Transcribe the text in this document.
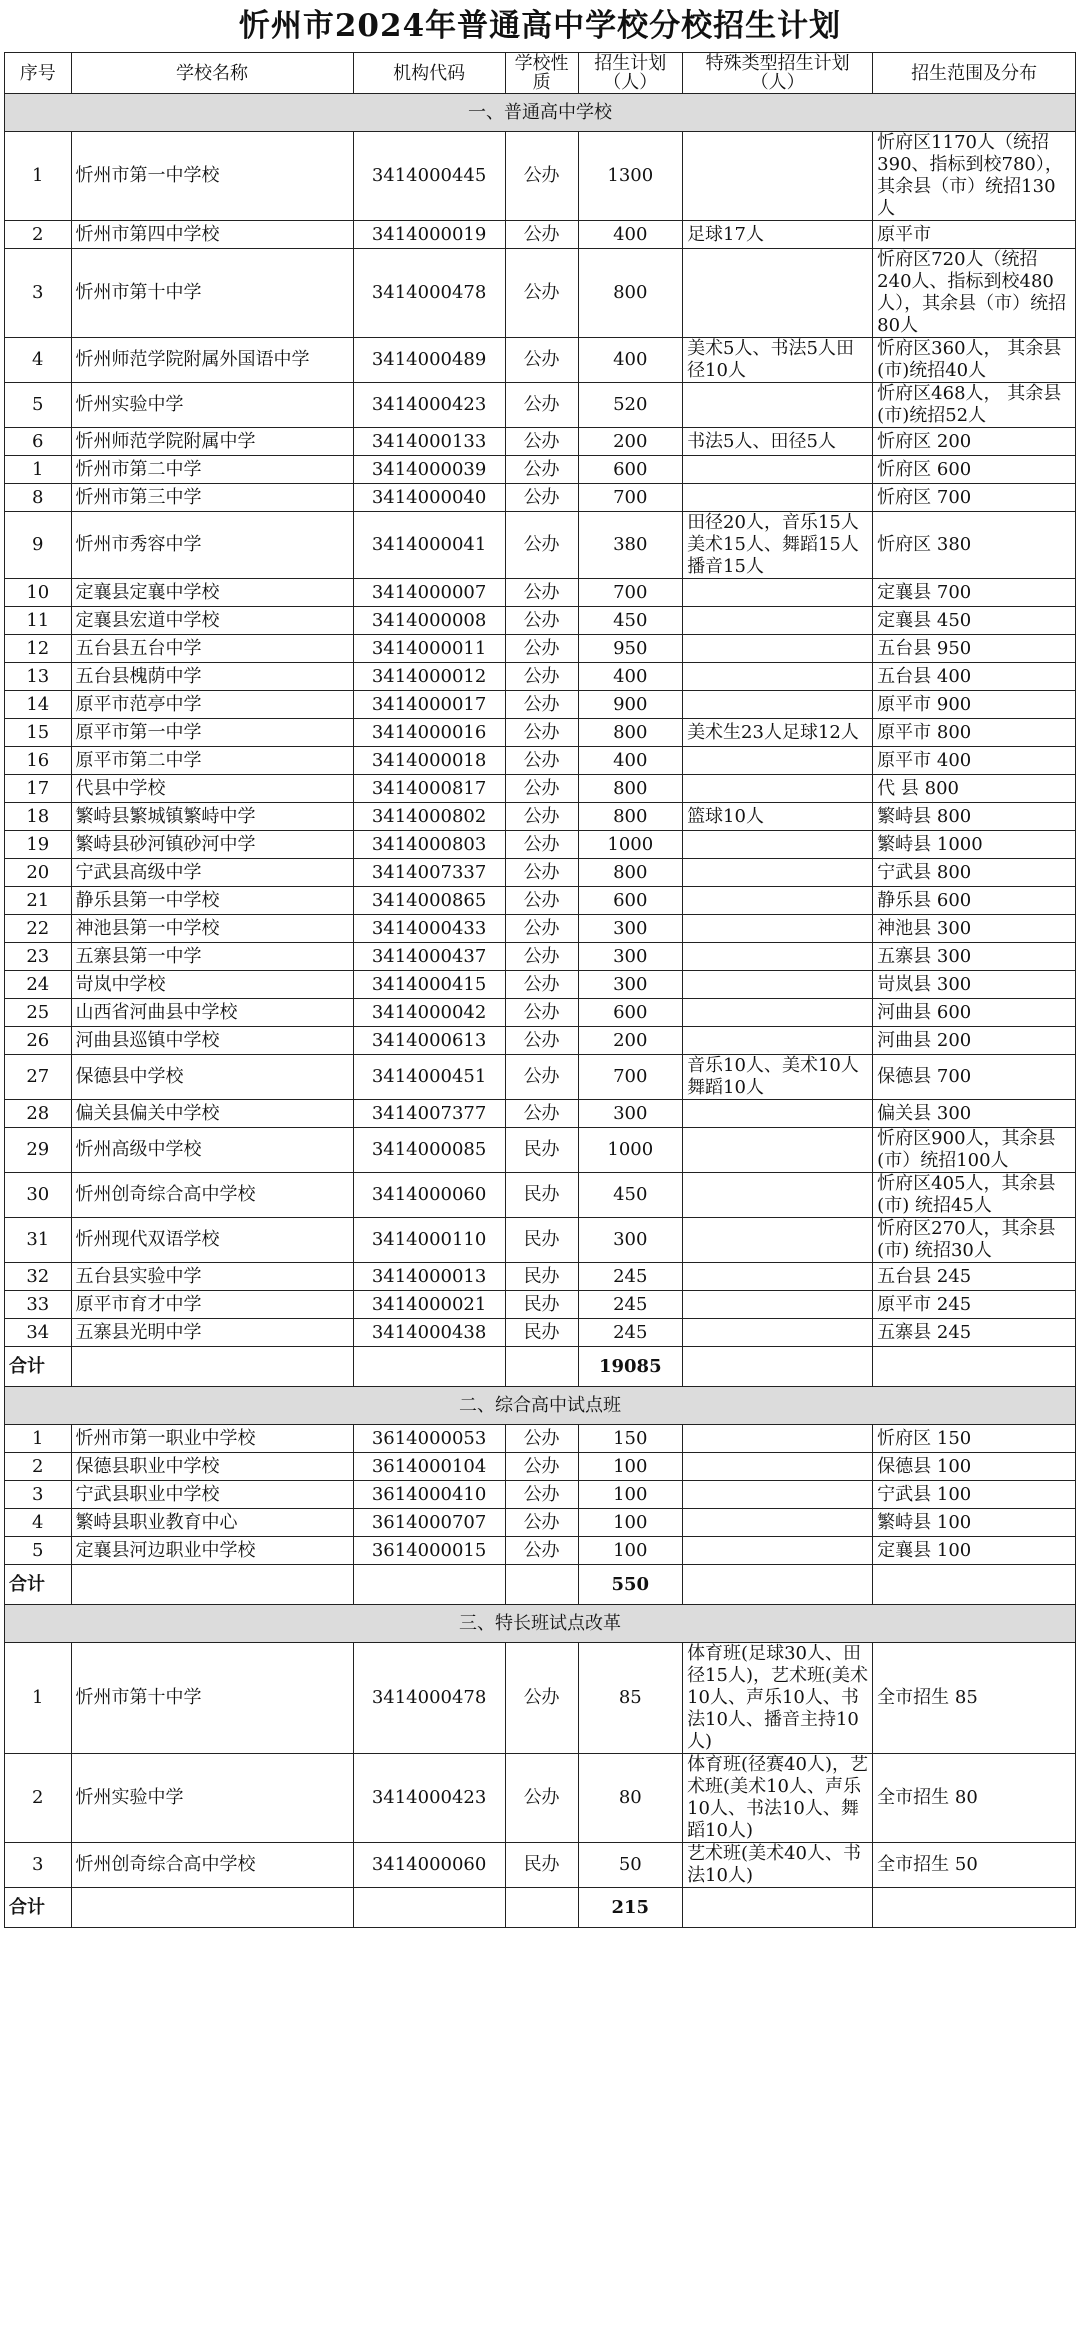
忻州市2024年普通高中学校分校招生计划
序号	学校名称	机构代码	学校性质	招生计划（人）	特殊类型招生计划（人）	招生范围及分布
一、普通高中学校						
1	忻州市第一中学校	3414000445	公办	1300		忻府区1170人（统招390、指标到校780），其余县（市）统招130人
2	忻州市第四中学校	3414000019	公办	400	足球17人	原平市
3	忻州市第十中学	3414000478	公办	800		忻府区720人（统招240人、指标到校480人），其余县（市）统招80人
4	忻州师范学院附属外国语中学	3414000489	公办	400	美术5人、书法5人田径10人	忻府区360人， 其余县(市)统招40人
5	忻州实验中学	3414000423	公办	520		忻府区468人， 其余县(市)统招52人
6	忻州师范学院附属中学	3414000133	公办	200	书法5人、田径5人	忻府区 200
1	忻州市第二中学	3414000039	公办	600		忻府区 600
8	忻州市第三中学	3414000040	公办	700		忻府区 700
9	忻州市秀容中学	3414000041	公办	380	田径20人，音乐15人美术15人、舞蹈15人播音15人	忻府区 380
10	定襄县定襄中学校	3414000007	公办	700		定襄县 700
11	定襄县宏道中学校	3414000008	公办	450		定襄县 450
12	五台县五台中学	3414000011	公办	950		五台县 950
13	五台县槐荫中学	3414000012	公办	400		五台县 400
14	原平市范亭中学	3414000017	公办	900		原平市 900
15	原平市第一中学	3414000016	公办	800	美术生23人足球12人	原平市 800
16	原平市第二中学	3414000018	公办	400		原平市 400
17	代县中学校	3414000817	公办	800		代 县 800
18	繁峙县繁城镇繁峙中学	3414000802	公办	800	篮球10人	繁峙县 800
19	繁峙县砂河镇砂河中学	3414000803	公办	1000		繁峙县 1000
20	宁武县高级中学	3414007337	公办	800		宁武县 800
21	静乐县第一中学校	3414000865	公办	600		静乐县 600
22	神池县第一中学校	3414000433	公办	300		神池县 300
23	五寨县第一中学	3414000437	公办	300		五寨县 300
24	岢岚中学校	3414000415	公办	300		岢岚县 300
25	山西省河曲县中学校	3414000042	公办	600		河曲县 600
26	河曲县巡镇中学校	3414000613	公办	200		河曲县 200
27	保德县中学校	3414000451	公办	700	音乐10人、美术10人舞蹈10人	保德县 700
28	偏关县偏关中学校	3414007377	公办	300		偏关县 300
29	忻州高级中学校	3414000085	民办	1000		忻府区900人，其余县(市）统招100人
30	忻州创奇综合高中学校	3414000060	民办	450		忻府区405人，其余县(市) 统招45人
31	忻州现代双语学校	3414000110	民办	300		忻府区270人，其余县(市) 统招30人
32	五台县实验中学	3414000013	民办	245		五台县 245
33	原平市育才中学	3414000021	民办	245		原平市 245
34	五寨县光明中学	3414000438	民办	245		五寨县 245
合计				19085		
二、综合高中试点班						
1	忻州市第一职业中学校	3614000053	公办	150		忻府区 150
2	保德县职业中学校	3614000104	公办	100		保德县 100
3	宁武县职业中学校	3614000410	公办	100		宁武县 100
4	繁峙县职业教育中心	3614000707	公办	100		繁峙县 100
5	定襄县河边职业中学校	3614000015	公办	100		定襄县 100
合计				550		
三、特长班试点改革						
1	忻州市第十中学	3414000478	公办	85	体育班(足球30人、田径15人)，艺术班(美术10人、声乐10人、书法10人、播音主持10人)	全市招生 85
2	忻州实验中学	3414000423	公办	80	体育班(径赛40人)，艺术班(美术10人、声乐10人、书法10人、舞蹈10人)	全市招生 80
3	忻州创奇综合高中学校	3414000060	民办	50	艺术班(美术40人、书法10人)	全市招生 50
合计				215		
